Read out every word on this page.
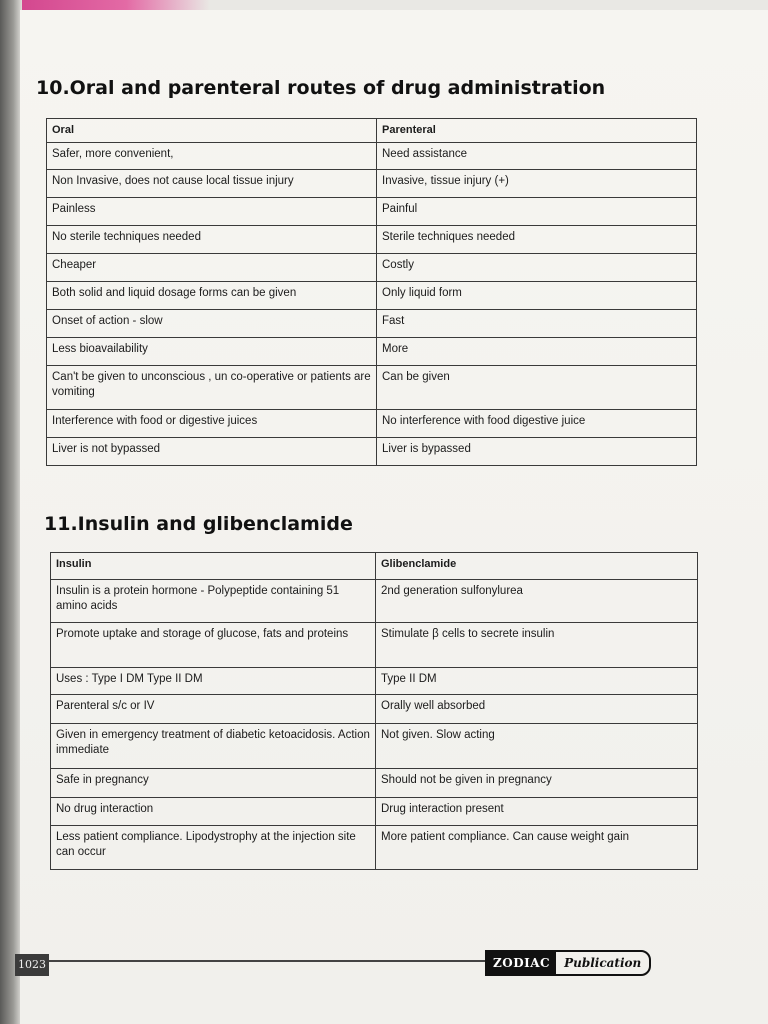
10.Oral and parenteral routes of drug administration
Oral	Parenteral
Safer, more convenient,	Need assistance
Non Invasive, does not cause local tissue injury	Invasive, tissue injury (+)
Painless	Painful
No sterile techniques needed	Sterile techniques needed
Cheaper	Costly
Both solid and liquid dosage forms can be given	Only liquid form
Onset of action - slow	Fast
Less bioavailability	More
Can't be given to unconscious , un co-operative or patients are vomiting	Can be given
Interference with food or digestive juices	No interference with food digestive juice
Liver is not bypassed	Liver is bypassed
11.Insulin and glibenclamide
Insulin	Glibenclamide
Insulin is a protein hormone - Polypeptide containing 51 amino acids	2nd generation sulfonylurea
Promote uptake and storage of glucose, fats and proteins	Stimulate β cells to secrete insulin
Uses : Type I DM Type II DM	Type II DM
Parenteral s/c or IV	Orally well absorbed
Given in emergency treatment of diabetic ketoacidosis. Action immediate	Not given. Slow acting
Safe in pregnancy	Should not be given in pregnancy
No drug interaction	Drug interaction present
Less patient compliance. Lipodystrophy at the injection site can occur	More patient compliance. Can cause weight gain
1023	ZODIAC	Publication
